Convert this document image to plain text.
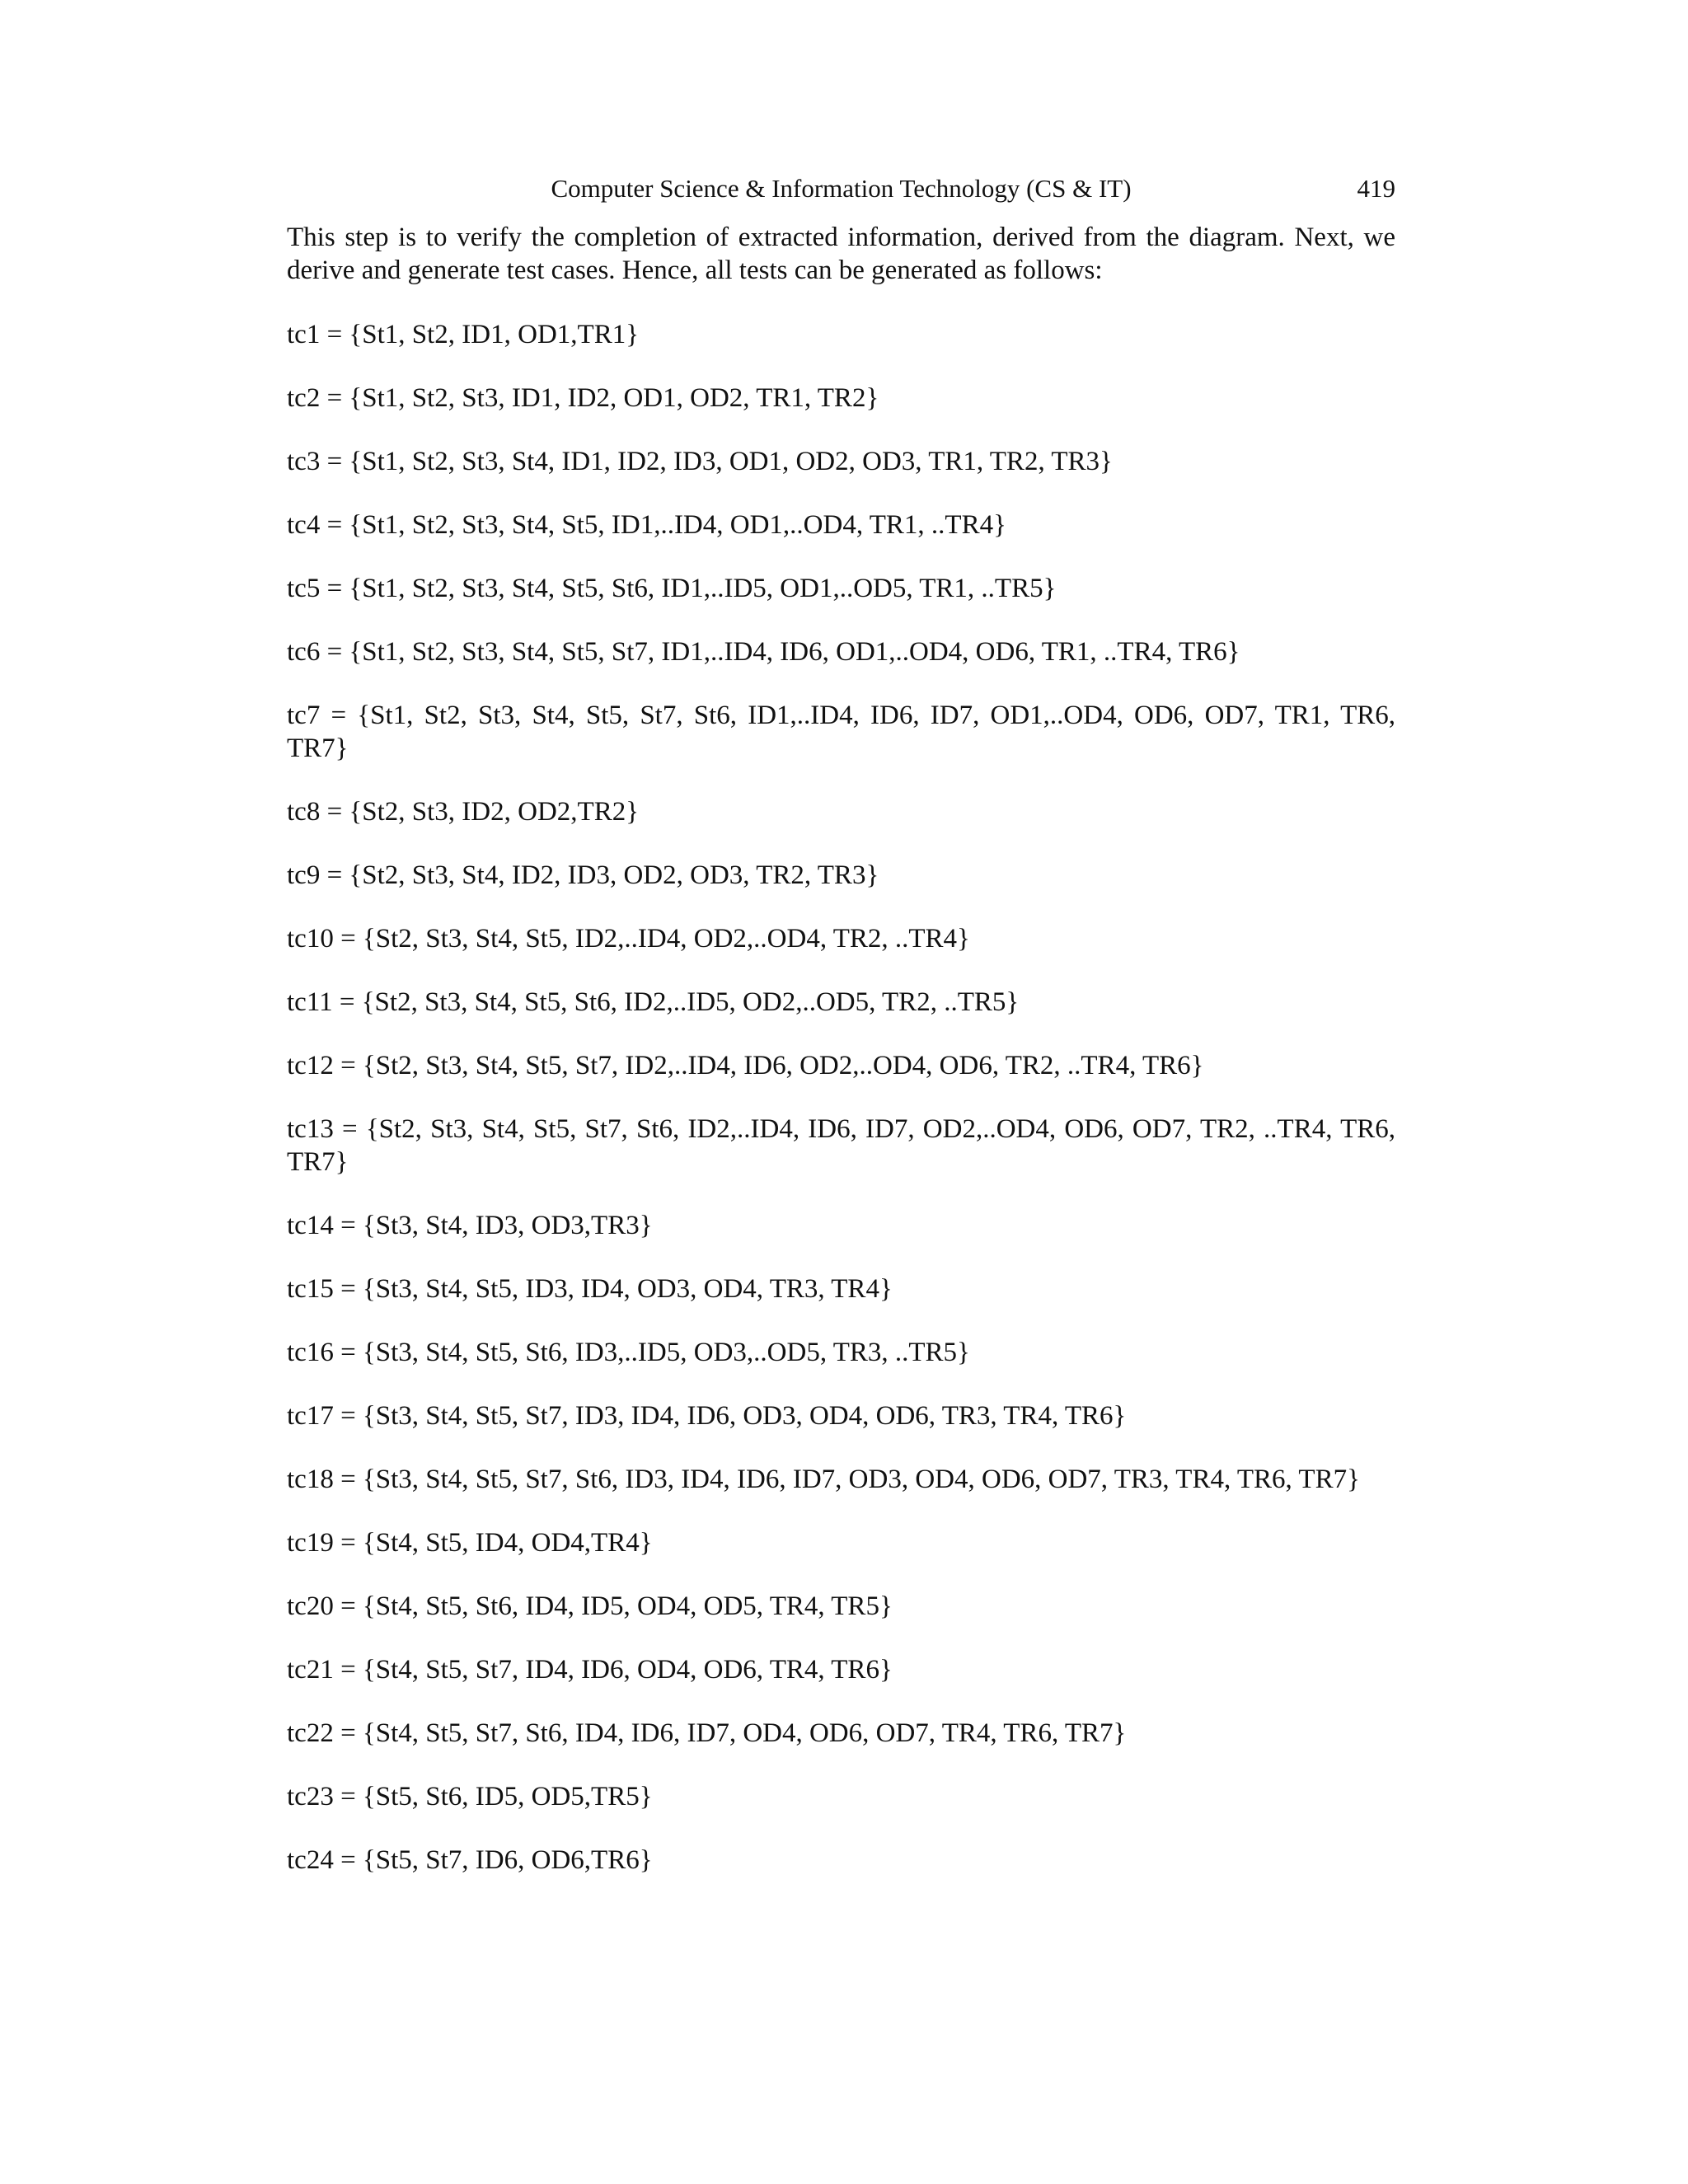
Computer Science & Information Technology (CS & IT)	419

This step is to verify the completion of extracted information, derived from the diagram. Next, we derive and generate test cases. Hence, all tests can be generated as follows:

tc1 = {St1, St2, ID1, OD1,TR1}
tc2 = {St1, St2, St3, ID1, ID2, OD1, OD2, TR1, TR2}
tc3 = {St1, St2, St3, St4, ID1, ID2, ID3, OD1, OD2, OD3, TR1, TR2, TR3}
tc4 = {St1, St2, St3, St4, St5, ID1,..ID4, OD1,..OD4, TR1, ..TR4}
tc5 = {St1, St2, St3, St4, St5, St6, ID1,..ID5, OD1,..OD5, TR1, ..TR5}
tc6 = {St1, St2, St3, St4, St5, St7, ID1,..ID4, ID6, OD1,..OD4, OD6, TR1, ..TR4, TR6}
tc7 = {St1, St2, St3, St4, St5, St7, St6, ID1,..ID4, ID6, ID7, OD1,..OD4, OD6, OD7, TR1, TR6, TR7}
tc8 = {St2, St3, ID2, OD2,TR2}
tc9 = {St2, St3, St4, ID2, ID3, OD2, OD3, TR2, TR3}
tc10 = {St2, St3, St4, St5, ID2,..ID4, OD2,..OD4, TR2, ..TR4}
tc11 = {St2, St3, St4, St5, St6, ID2,..ID5, OD2,..OD5, TR2, ..TR5}
tc12 = {St2, St3, St4, St5, St7, ID2,..ID4, ID6, OD2,..OD4, OD6, TR2, ..TR4, TR6}
tc13 = {St2, St3, St4, St5, St7, St6, ID2,..ID4, ID6, ID7, OD2,..OD4, OD6, OD7, TR2, ..TR4, TR6, TR7}
tc14 = {St3, St4, ID3, OD3,TR3}
tc15 = {St3, St4, St5, ID3, ID4, OD3, OD4, TR3, TR4}
tc16 = {St3, St4, St5, St6, ID3,..ID5, OD3,..OD5, TR3, ..TR5}
tc17 = {St3, St4, St5, St7, ID3, ID4, ID6, OD3, OD4, OD6, TR3, TR4, TR6}
tc18 = {St3, St4, St5, St7, St6, ID3, ID4, ID6, ID7, OD3, OD4, OD6, OD7, TR3, TR4, TR6, TR7}
tc19 = {St4, St5, ID4, OD4,TR4}
tc20 = {St4, St5, St6, ID4, ID5, OD4, OD5, TR4, TR5}
tc21 = {St4, St5, St7, ID4, ID6, OD4, OD6, TR4, TR6}
tc22 = {St4, St5, St7, St6, ID4, ID6, ID7, OD4, OD6, OD7, TR4, TR6, TR7}
tc23 = {St5, St6, ID5, OD5,TR5}
tc24 = {St5, St7, ID6, OD6,TR6}
